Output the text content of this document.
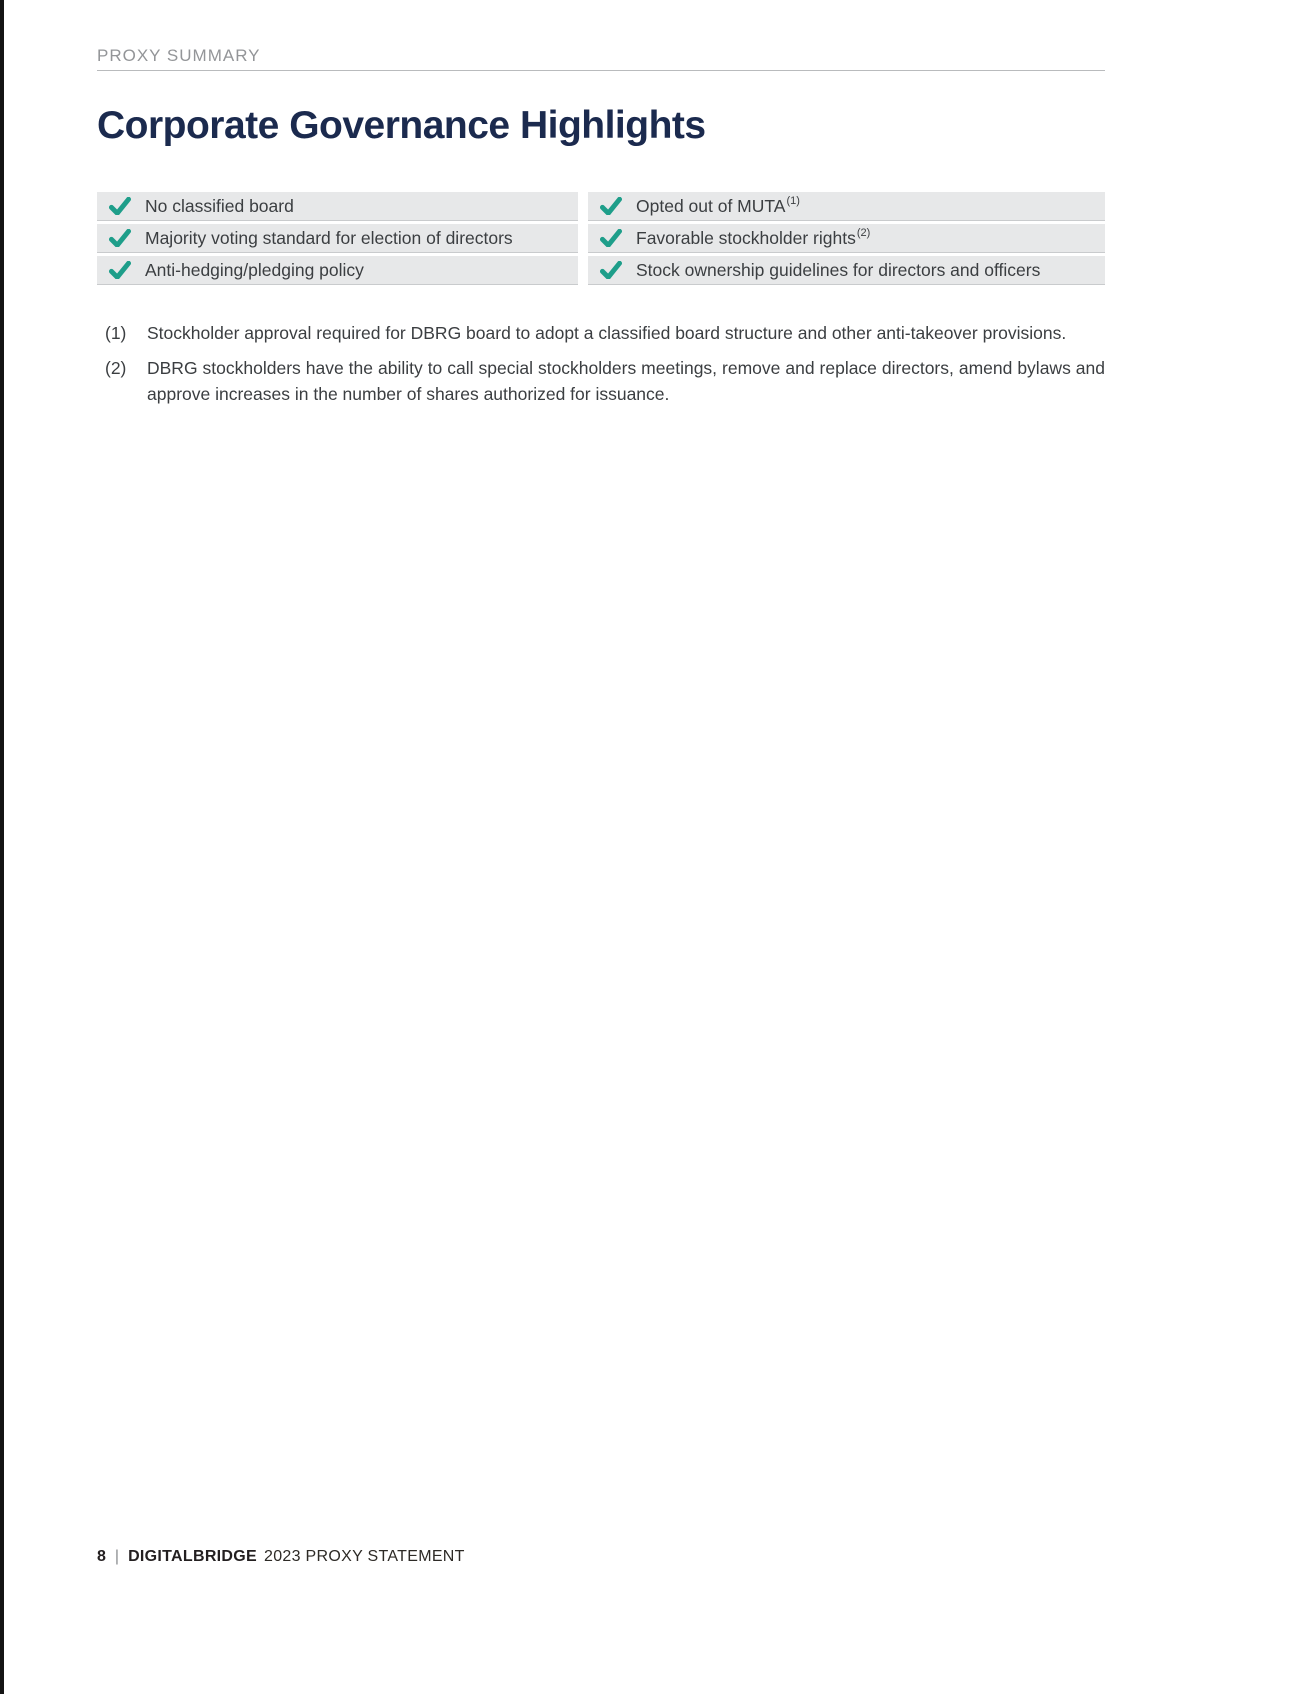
PROXY SUMMARY
Corporate Governance Highlights
No classified board	Opted out of MUTA (1)
Majority voting standard for election of directors	Favorable stockholder rights (2)
Anti-hedging/pledging policy	Stock ownership guidelines for directors and officers
(1)	Stockholder approval required for DBRG board to adopt a classified board structure and other anti-takeover provisions.
(2)	DBRG stockholders have the ability to call special stockholders meetings, remove and replace directors, amend bylaws and approve increases in the number of shares authorized for issuance.
8 | DIGITALBRIDGE 2023 PROXY STATEMENT
